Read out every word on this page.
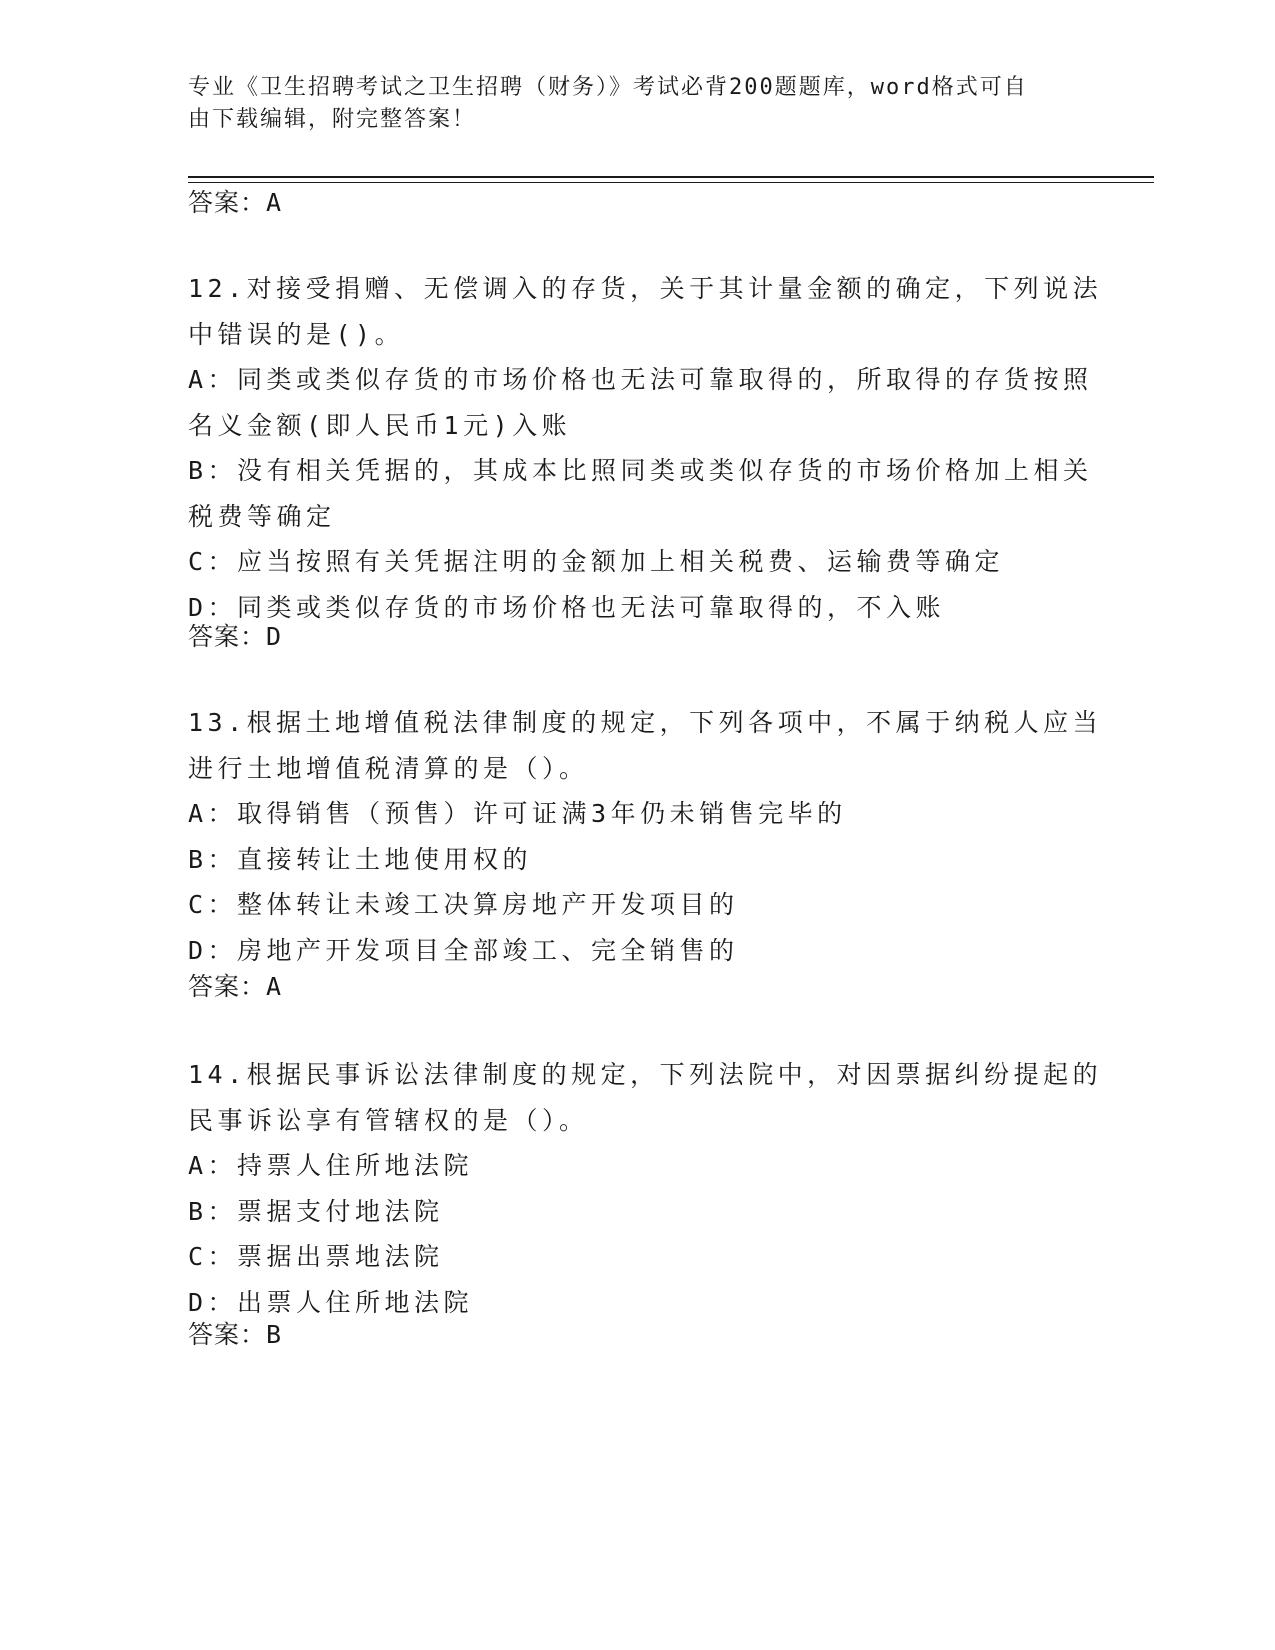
专业《卫生招聘考试之卫生招聘（财务）》考试必背200题题库，word格式可自
由下载编辑，附完整答案！
答案：A
12.对接受捐赠、无偿调入的存货，关于其计量金额的确定，下列说法
中错误的是()。
A：同类或类似存货的市场价格也无法可靠取得的，所取得的存货按照
名义金额(即人民币1元)入账
B：没有相关凭据的，其成本比照同类或类似存货的市场价格加上相关
税费等确定
C：应当按照有关凭据注明的金额加上相关税费、运输费等确定
D：同类或类似存货的市场价格也无法可靠取得的，不入账
答案：D
13.根据土地增值税法律制度的规定，下列各项中，不属于纳税人应当
进行土地增值税清算的是（）。
A：取得销售（预售）许可证满3年仍未销售完毕的
B：直接转让土地使用权的
C：整体转让未竣工决算房地产开发项目的
D：房地产开发项目全部竣工、完全销售的
答案：A
14.根据民事诉讼法律制度的规定，下列法院中，对因票据纠纷提起的
民事诉讼享有管辖权的是（）。
A：持票人住所地法院
B：票据支付地法院
C：票据出票地法院
D：出票人住所地法院
答案：B
